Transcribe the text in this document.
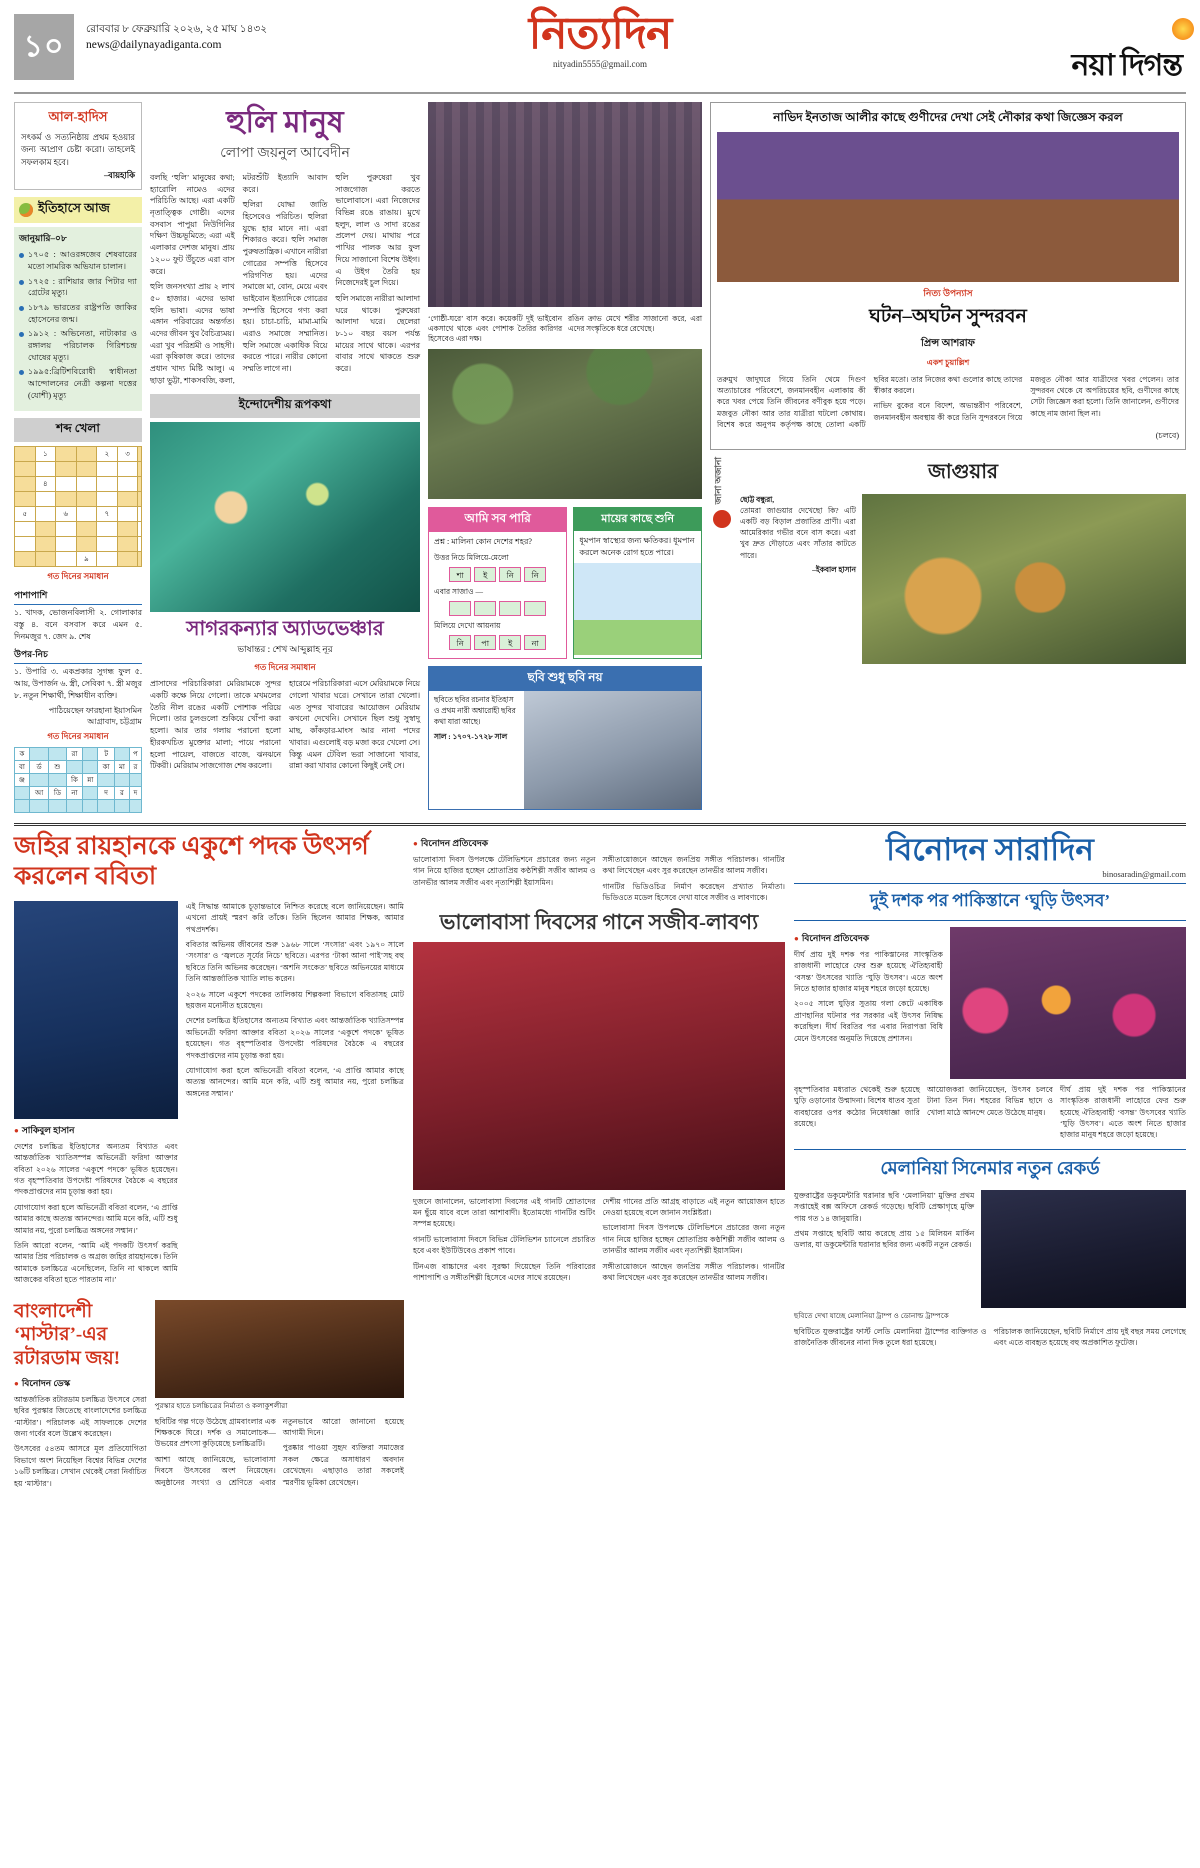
১০	রোববার ৮ ফেব্রুয়ারি ২০২৬, ২৫ মাঘ ১৪৩২
news@dailynayadiganta.com	নিত্যদিন
nityadin5555@gmail.com	নয়া দিগন্ত
আল-হাদিস

সৎকর্ম ও সত্যনিষ্ঠায় প্রথম হওয়ার জন্য আপ্রাণ চেষ্টা করো। তাহলেই সফলকাম হবে।

–বায়হাকি
ইতিহাসে আজ

জানুয়ারি–০৮

১৭০৫ : আওরঙ্গজেব শেষবারের মতো সামরিক অভিযান চালান।
১৭২৫ : রাশিয়ার জার পিটার দ্যা গ্রেটের মৃত্যু।
১৮৭৯ ভারতের রাষ্ট্রপতি জাকির হোসেনের জন্ম।
১৯১২ : অভিনেতা, নাট্যকার ও রঙ্গালয় পরিচালক গিরিশচন্দ্র ঘোষের মৃত্যু।
১৯৯৫:ব্রিটিশবিরোধী স্বাধীনতা আন্দোলনের নেত্রী কল্পনা দত্তের (যোশী) মৃত্যু
শব্দ খেলা
	১			২	৩	

	৪					

৫		৬		৭		

			৯			
গত দিনের সমাধান
পাশাপাশি

১. খাদক, ভোজনবিলাসী ২. গোলাকার বস্তু ৪. বনে বসবাস করে এমন ৫. দিনমজুর ৭. জেদ ৯. শেষ

উপর-নিচ

১. উপারি ৩. একপ্রকার সুগন্ধ ফুল ৫. আয়, উপার্জন ৬. স্ত্রী, সেবিকা ৭. স্ত্রী মজুর ৮. নতুন শিক্ষার্থী, শিক্ষাধীন ব্যক্তি।

পাঠিয়েছেন ফারহানা ইয়াসমিন
আগ্রাবাদ, চট্টগ্রাম
গত দিনের সমাধান
ক			রা		ট		প
বা	র্ড	শু			কা	মা	র
ঞ্জ			কি	ন্না			
	আ	ডি	না		দ	র	দ

হুলি মানুষ
লোপা জয়নুল আবেদীন

বলছি ‘হুলি’ মানুষের কথা; হ্যারোলি নামেও এদের পরিচিতি আছে। এরা একটি নৃতাত্ত্বিক গোষ্ঠী। এদের বসবাস পাপুয়া নিউগিনির দক্ষিণ উচ্চভূমিতে; এরা এই এলাকার দেশজ মানুষ। প্রায় ১২০০ ফুট উঁচুতে এরা বাস করে।

হুলি জনসংখ্যা প্রায় ২ লাখ ৫০ হাজার। এদের ভাষা হুলি ভাষা। এদের ভাষা এঙ্গান পরিবারের অন্তর্গত। এদের জীবন খুব বৈচিত্র্যময়। এরা খুব পরিশ্রমী ও সাহসী। এরা কৃষিকাজ করে। তাদের প্রধান খাদ্য মিষ্টি আলু। এ ছাড়া ভুট্টা, শাকসবজি, কলা, মটরশুঁটি ইত্যাদি আবাদ করে।

হুলিরা যোদ্ধা জাতি হিসেবেও পরিচিত। হুলিরা যুদ্ধে হার মানে না। এরা শিকারও করে। হুলি সমাজ পুরুষতান্ত্রিক। এখানে নারীরা গোত্রের সম্পত্তি হিসেবে পরিগণিত হয়। এদের সমাজে মা, বোন, মেয়ে এবং ভাইবোন ইত্যাদিকে গোত্রের সম্পত্তি হিসেবে গণ্য করা হয়। চাচা-চাচি, মামা-মামি এরাও সমাজে সম্মানিত। হুলি সমাজে একাধিক বিয়ে করতে পারে। নারীর কোনো সম্মতি লাগে না।

হুলি পুরুষেরা খুব সাজগোজ করতে ভালোবাসে। এরা নিজেদের বিভিন্ন রঙে রাঙায়। মুখে হলুদ, লাল ও সাদা রঙের প্রলেপ দেয়। মাথায় পরে পাখির পালক আর ফুল দিয়ে সাজানো বিশেষ উইগ। এ উইগ তৈরি হয় নিজেদেরই চুল দিয়ে।

হুলি সমাজে নারীরা আলাদা ঘরে থাকে। পুরুষেরা আলাদা ঘরে। ছেলেরা ৮-১০ বছর বয়স পর্যন্ত মায়ের সাথে থাকে। এরপর বাবার সাথে থাকতে শুরু করে।

ইন্দোদেশীয় রূপকথা
সাগরকন্যার অ্যাডভেঞ্চার
ভাষান্তর : শেখ আব্দুল্লাহ নূর
গত দিনের সমাধান

প্রাসাদের পরিচারিকারা মেরিয়ামকে সুন্দর একটি কক্ষে নিয়ে গেলো। তাকে মখমলের তৈরি নীল রঙের একটি পোশাক পরিয়ে দিলো। তার চুলগুলো শুকিয়ে খোঁপা করা হলো। আর তার গলায় পরানো হলো হীরকখচিত মুক্তোর মালা; পায়ে পরানো হলো পায়েল, বাজতে বাজে, ঝনঝনে টিকরী। মেরিয়াম সাজগোজ শেষ করলো।

হারেমে পরিচারিকারা এসে মেরিয়ামকে নিয়ে গেলো খাবার ঘরে। সেখানে তারা খেলো। এত সুন্দর খাবারের আয়োজন মেরিয়াম কখনো দেখেনি। সেখানে ছিল শুধু সুস্বাদু মাছ, কাঁকড়ার-মাংস আর নানা পদের খাবার। এগুলোই বড় মজা করে খেলো সে। কিন্তু এমন টেবিল ভরা সাজানো খাবার, রান্না করা খাবার কোনো কিছুই নেই সে।

‘গোষ্ঠী-ঘরে’ বাস করে। কয়েকটি দুই ভাইবোন একসাথে থাকে এবং পোশাক তৈরির কারিগর হিসেবেও এরা দক্ষ।

রঙিন ক্রাভ মেখে শরীর সাজানো করে, এরা এদের সংস্কৃতিকে ধরে রেখেছে।

আমি সব পারি
প্রশ্ন : মালিনা কোন দেশের শহর?
উত্তর নিচে মিলিয়ে-মেলো
শা	ই	নি	নি
এবার সাজাও —
মিলিয়ে দেখো আয়নায়
নি	পা	ই	না
মায়ের কাছে শুনি
ধূমপান স্বাস্থ্যের জন্য ক্ষতিকর। ধূমপান করলে অনেক রোগ হতে পারে।
ছবি শুধু ছবি নয়
ছবিতে ছবির রচনার ইতিহাস ও প্রথম নারী অশ্বারোহী ছবির কথা যারা আছে।
সাল : ১৭০৭-১৭২৮ সাল
নাভিদ ইনতাজ আলীর কাছে গুণীদের দেখা সেই নৌকার কথা জিজ্ঞেস করল
নিত্য উপন্যাস
ঘটন–অঘটন সুন্দরবন
প্রিন্স আশরাফ
একশ চুয়াল্লিশ

তরুমুখ জাদুঘরে গিয়ে তিনি থেমে দিগুণ অত্যাচারের পরিবেশে, জনমানবহীন এলাকায় কী করে খবর পেয়ে তিনি জীবনের বণীবুক হয়ে পড়ে। মজবুত নৌকা আর তার যাত্রীরা ঘটলো কোথায়। বিশেষ করে অনুপম কর্তৃপক্ষ কাছে তোলা একটি ছবির মতো। তার নিজের কথা গুলোর কাছে তাদের স্বীকার করলে।

নাভিদ বুকের বনে বিদেশ, অভ্যন্তরীণ পরিবেশে, জনমানবহীন অবস্থায় কী করে তিনি সুন্দরবনে গিয়ে মজবুত নৌকা আর যাত্রীদের খবর পেলেন। তার সুন্দরবন থেকে যে অপরিচয়ের ছবি, গুণীদের কাছে সেটা জিজ্ঞেস করা হলো। তিনি জানালেন, গুণীদের কাছে নাম জানা ছিল না।

(চলবে)
জানা অজানা	জাগুয়ার
ছোট্ট বন্ধুরা,
তোমরা জাগুয়ার দেখেছো কি? এটি একটি বড় বিড়াল প্রজাতির প্রাণী। এরা আমেরিকার গভীর বনে বাস করে। এরা খুব দ্রুত দৌড়াতে এবং সাঁতার কাটতে পারে।
–ইকবাল হাসান
জহির রায়হানকে একুশে পদক উৎসর্গ করলেন ববিতা
● সাকিবুল হাসান

দেশের চলচ্চিত্র ইতিহাসের অন্যতম বিখ্যাত এবং আন্তর্জাতিক খ্যাতিসম্পন্ন অভিনেত্রী ফরিদা আক্তার ববিতা ২০২৬ সালের ‘একুশে পদকে’ ভূষিত হয়েছেন। গত বৃহস্পতিবার উপদেষ্টা পরিষদের বৈঠকে এ বছরের পদকপ্রাপ্তদের নাম চূড়ান্ত করা হয়।

যোগাযোগ করা হলে অভিনেত্রী ববিতা বলেন, ‘এ প্রাপ্তি আমার কাছে অত্যন্ত আনন্দের। আমি মনে করি, এটি শুধু আমার নয়, পুরো চলচ্চিত্র অঙ্গনের সম্মান।’

তিনি আরো বলেন, ‘আমি এই পদকটি উৎসর্গ করছি আমার প্রিয় পরিচালক ও অগ্রজ জহির রায়হানকে। তিনি আমাকে চলচ্চিত্রে এনেছিলেন, তিনি না থাকলে আমি আজকের ববিতা হতে পারতাম না।’

এই সিদ্ধান্ত আমাকে চূড়ান্তভাবে নিশ্চিত করেছে বলে জানিয়েছেন। আমি এখনো প্রায়ই স্মরণ করি তাঁকে। তিনি ছিলেন আমার শিক্ষক, আমার পথপ্রদর্শক।

ববিতার অভিনয় জীবনের শুরু ১৯৬৮ সালে ‘সংসার’ এবং ১৯৭০ সালে ‘সংসার’ ও ‘জ্বলতে সূর্যের নিচে’ ছবিতে। এরপর ‘টাকা আনা পাই’সহ বহু ছবিতে তিনি অভিনয় করেছেন। ‘অশনি সংকেত’ ছবিতে অভিনয়ের মাধ্যমে তিনি আন্তর্জাতিক খ্যাতি লাভ করেন।

২০২৬ সালে একুশে পদকের তালিকায় শিল্পকলা বিভাগে ববিতাসহ মোট ছয়জন মনোনীত হয়েছেন।

দেশের চলচ্চিত্র ইতিহাসের অন্যতম বিখ্যাত এবং আন্তর্জাতিক খ্যাতিসম্পন্ন অভিনেত্রী ফরিদা আক্তার ববিতা ২০২৬ সালের ‘একুশে পদকে’ ভূষিত হয়েছেন। গত বৃহস্পতিবার উপদেষ্টা পরিষদের বৈঠকে এ বছরের পদকপ্রাপ্তদের নাম চূড়ান্ত করা হয়।

যোগাযোগ করা হলে অভিনেত্রী ববিতা বলেন, ‘এ প্রাপ্তি আমার কাছে অত্যন্ত আনন্দের। আমি মনে করি, এটি শুধু আমার নয়, পুরো চলচ্চিত্র অঙ্গনের সম্মান।’

বাংলাদেশী ‘মাস্টার’-এর রটারডাম জয়!
● বিনোদন ডেস্ক

আন্তর্জাতিক রটারডাম চলচ্চিত্র উৎসবে সেরা ছবির পুরস্কার জিতেছে বাংলাদেশের চলচ্চিত্র ‘মাস্টার’। পরিচালক এই সাফল্যকে দেশের জন্য গর্বের বলে উল্লেখ করেছেন।

উৎসবের ৫৪তম আসরে মূল প্রতিযোগিতা বিভাগে অংশ নিয়েছিল বিশ্বের বিভিন্ন দেশের ১৬টি চলচ্চিত্র। সেখান থেকেই সেরা নির্বাচিত হয় ‘মাস্টার’।

পুরস্কার হাতে চলচ্চিত্রের নির্মাতা ও কলাকুশলীরা

ছবিটির গল্প গড়ে উঠেছে গ্রামবাংলার এক শিক্ষককে ঘিরে। দর্শক ও সমালোচক—উভয়ের প্রশংসা কুড়িয়েছে চলচ্চিত্রটি।

আশা আছে জানিয়েছে, ভালোবাসা দিবসে উৎসবের অংশ নিয়েছেন। অনুষ্ঠানের সংখ্যা ও শ্রেণিতে এবার নতুনভাবে আরো জানানো হয়েছে আগামী দিনে।

পুরষ্কার পাওয়া সুহৃদ ব্যক্তিরা সমাজের সকল ক্ষেত্রে অসাধারণ অবদান রেখেছেন। এছাড়াও তারা সকলেই স্মরণীয় ভূমিকা রেখেছেন।

● বিনোদন প্রতিবেদক

ভালোবাসা দিবস উপলক্ষে টেলিভিশনে প্রচারের জন্য নতুন গান নিয়ে হাজির হচ্ছেন শ্রোতাপ্রিয় কণ্ঠশিল্পী সজীব আলম ও তানভীর আলম সজীব এবং নৃত্যশিল্পী ইয়াসমিন।

সঙ্গীতায়োজনে আছেন জনপ্রিয় সঙ্গীত পরিচালক। গানটির কথা লিখেছেন এবং সুর করেছেন তানভীর আলম সজীব।

গানটির ভিডিওচিত্র নির্মাণ করেছেন প্রখ্যাত নির্মাতা। ভিডিওতে মডেল হিসেবে দেখা যাবে সজীব ও লাবণ্যকে।

ভালোবাসা দিবসের গানে সজীব-লাবণ্য

দুজনে জানালেন, ভালোবাসা দিবসের এই গানটি শ্রোতাদের মন ছুঁয়ে যাবে বলে তারা আশাবাদী। ইতোমধ্যে গানটির শুটিং সম্পন্ন হয়েছে।

গানটি ভালোবাসা দিবসে বিভিন্ন টেলিভিশন চ্যানেলে প্রচারিত হবে এবং ইউটিউবেও প্রকাশ পাবে।

টিনএজ বাচ্চাদের এবং সুরক্ষা দিয়েছেন তিনি পরিবারের পাশাপাশি ও সঙ্গীতশিল্পী হিসেবে এদের সাথে রয়েছেন।

দেশীয় গানের প্রতি আগ্রহ বাড়াতে এই নতুন আয়োজন হাতে নেওয়া হয়েছে বলে জানান সংশ্লিষ্টরা।

ভালোবাসা দিবস উপলক্ষে টেলিভিশনে প্রচারের জন্য নতুন গান নিয়ে হাজির হচ্ছেন শ্রোতাপ্রিয় কণ্ঠশিল্পী সজীব আলম ও তানভীর আলম সজীব এবং নৃত্যশিল্পী ইয়াসমিন।

সঙ্গীতায়োজনে আছেন জনপ্রিয় সঙ্গীত পরিচালক। গানটির কথা লিখেছেন এবং সুর করেছেন তানভীর আলম সজীব।

বিনোদন সারাদিন
binosaradin@gmail.com
দুই দশক পর পাকিস্তানে ‘ঘুড়ি উৎসব’
● বিনোদন প্রতিবেদক

দীর্ঘ প্রায় দুই দশক পর পাকিস্তানের সাংস্কৃতিক রাজধানী লাহোরে ফের শুরু হয়েছে ঐতিহ্যবাহী ‘বসন্ত’ উৎসবের খ্যাতি ‘ঘুড়ি উৎসব’। এতে অংশ নিতে হাজার হাজার মানুষ শহরে জড়ো হয়েছে।

২০০৫ সালে ঘুড়ির সুতায় গলা কেটে একাধিক প্রাণহানির ঘটনার পর সরকার এই উৎসব নিষিদ্ধ করেছিল। দীর্ঘ বিরতির পর এবার নিরাপত্তা বিধি মেনে উৎসবের অনুমতি দিয়েছে প্রশাসন।

বৃহস্পতিবার মধ্যরাত থেকেই শুরু হয়েছে ঘুড়ি ওড়ানোর উন্মাদনা। বিশেষ ধাতব সুতা ব্যবহারের ওপর কঠোর নিষেধাজ্ঞা জারি রয়েছে।

আয়োজকরা জানিয়েছেন, উৎসব চলবে টানা তিন দিন। শহরের বিভিন্ন ছাদে ও খোলা মাঠে আনন্দে মেতে উঠেছে মানুষ।

দীর্ঘ প্রায় দুই দশক পর পাকিস্তানের সাংস্কৃতিক রাজধানী লাহোরে ফের শুরু হয়েছে ঐতিহ্যবাহী ‘বসন্ত’ উৎসবের খ্যাতি ‘ঘুড়ি উৎসব’। এতে অংশ নিতে হাজার হাজার মানুষ শহরে জড়ো হয়েছে।

মেলানিয়া সিনেমার নতুন রেকর্ড

যুক্তরাষ্ট্রের ডকুমেন্টারি ঘরানার ছবি ‘মেলানিয়া’ মুক্তির প্রথম সপ্তাহেই বক্স অফিসে রেকর্ড গড়েছে। ছবিটি প্রেক্ষাগৃহে মুক্তি পায় গত ১৪ জানুয়ারি।

প্রথম সপ্তাহে ছবিটি আয় করেছে প্রায় ১৫ মিলিয়ন মার্কিন ডলার, যা ডকুমেন্টারি ঘরানার ছবির জন্য একটি নতুন রেকর্ড।

ছবিতে দেখা যাচ্ছে মেলানিয়া ট্রাম্প ও ডোনাল্ড ট্রাম্পকে

ছবিটিতে যুক্তরাষ্ট্রের ফার্স্ট লেডি মেলানিয়া ট্রাম্পের ব্যক্তিগত ও রাজনৈতিক জীবনের নানা দিক তুলে ধরা হয়েছে।

পরিচালক জানিয়েছেন, ছবিটি নির্মাণে প্রায় দুই বছর সময় লেগেছে এবং এতে ব্যবহৃত হয়েছে বহু অপ্রকাশিত ফুটেজ।
